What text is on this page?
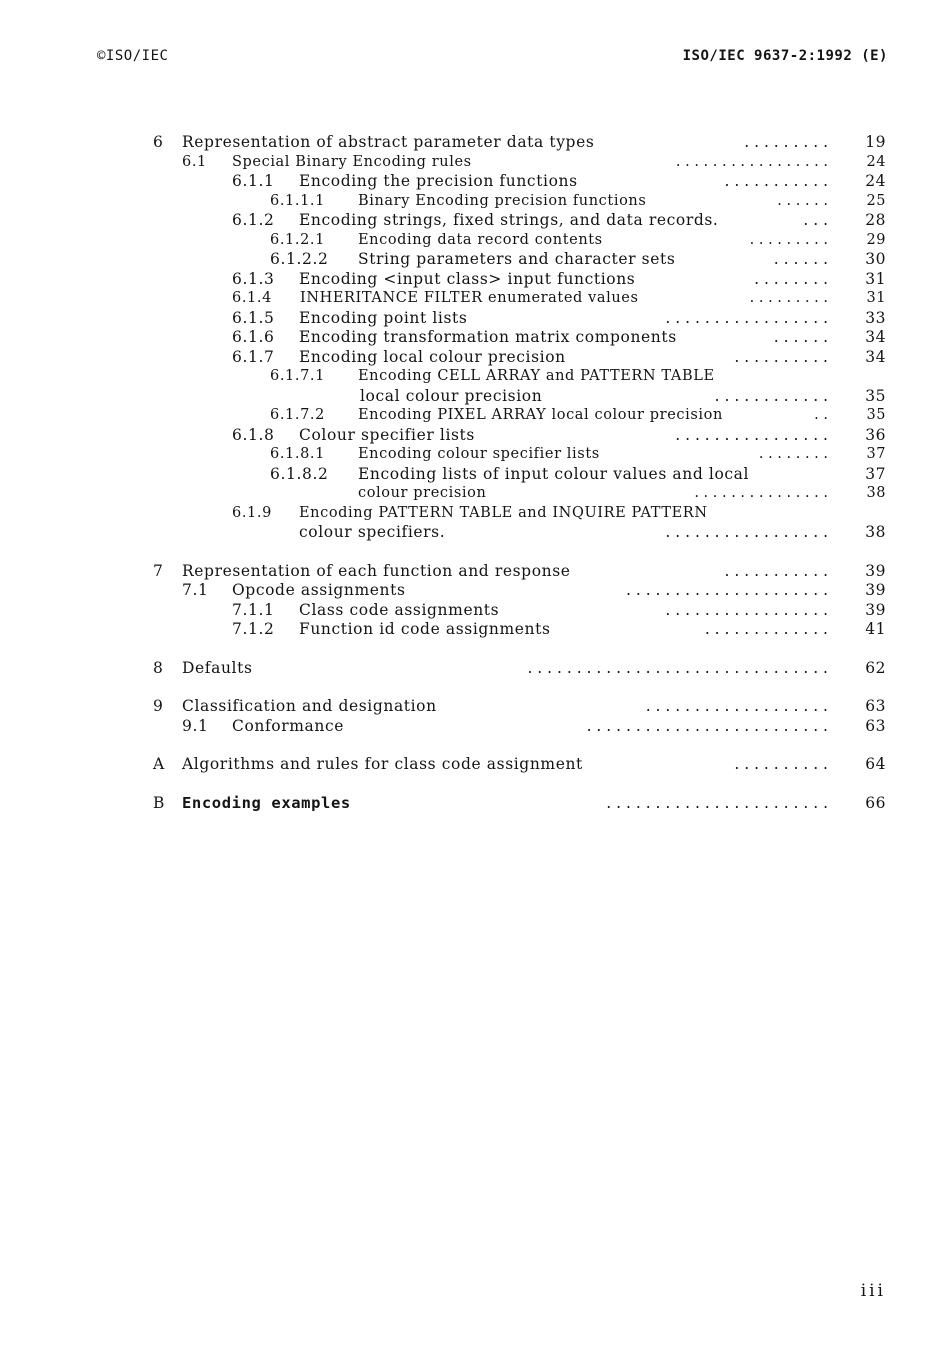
©ISO/IEC	ISO/IEC 9637-2:1992 (E)
6 Representation of abstract parameter data types	. . . . . . . . .	19
6.1 Special Binary Encoding rules	. . . . . . . . . . . . . . . . .	24
6.1.1 Encoding the precision functions	. . . . . . . . . . .	24
6.1.1.1 Binary Encoding precision functions	. . . . . .	25
6.1.2 Encoding strings, fixed strings, and data records.	. . .	28
6.1.2.1 Encoding data record contents	. . . . . . . . .	29
6.1.2.2 String parameters and character sets	. . . . . .	30
6.1.3 Encoding <input class> input functions	. . . . . . . .	31
6.1.4 INHERITANCE FILTER enumerated values	. . . . . . . . .	31
6.1.5 Encoding point lists	. . . . . . . . . . . . . . . . .	33
6.1.6 Encoding transformation matrix components	. . . . . .	34
6.1.7 Encoding local colour precision	. . . . . . . . . .	34
6.1.7.1 Encoding CELL ARRAY and PATTERN TABLE
local colour precision	. . . . . . . . . . . .	35
6.1.7.2 Encoding PIXEL ARRAY local colour precision	. .	35
6.1.8 Colour specifier lists	. . . . . . . . . . . . . . . .	36
6.1.8.1 Encoding colour specifier lists	. . . . . . . .	37
6.1.8.2 Encoding lists of input colour values and local	37
colour precision	. . . . . . . . . . . . . . .	38
6.1.9 Encoding PATTERN TABLE and INQUIRE PATTERN
colour specifiers.	. . . . . . . . . . . . . . . . .	38
7 Representation of each function and response	. . . . . . . . . . .	39
7.1 Opcode assignments	. . . . . . . . . . . . . . . . . . . . .	39
7.1.1 Class code assignments	. . . . . . . . . . . . . . . . .	39
7.1.2 Function id code assignments	. . . . . . . . . . . . .	41
8 Defaults	. . . . . . . . . . . . . . . . . . . . . . . . . . . . . . .	62
9 Classification and designation	. . . . . . . . . . . . . . . . . . .	63
9.1 Conformance	. . . . . . . . . . . . . . . . . . . . . . . . .	63
A Algorithms and rules for class code assignment	. . . . . . . . . .	64
B Encoding examples	. . . . . . . . . . . . . . . . . . . . . . .	66
iii
